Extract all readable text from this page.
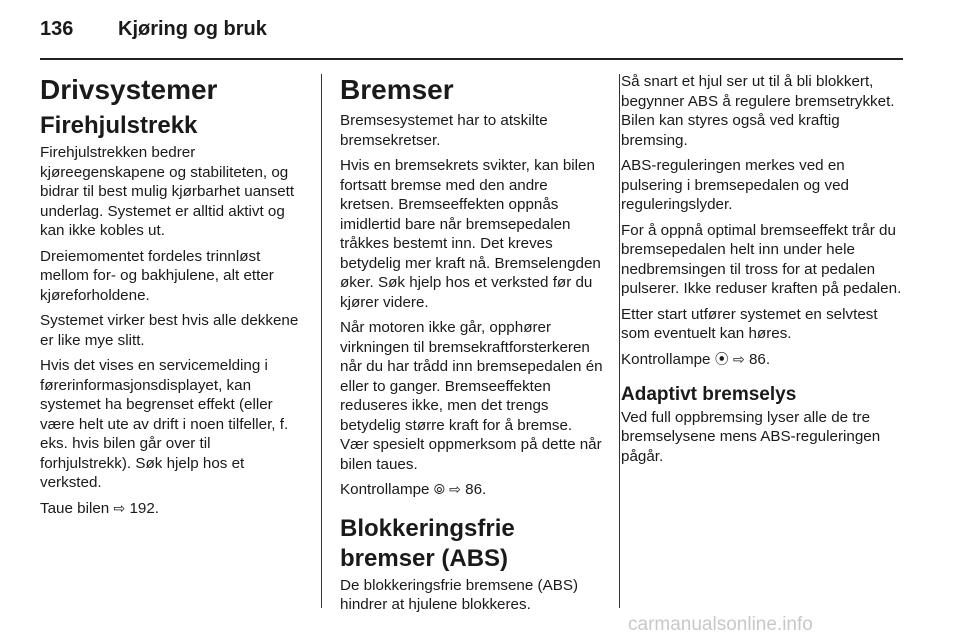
136 Kjøring og bruk
Drivsystemer
Firehjulstrekk

Firehjulstrekken bedrer kjøreegenskapene og stabiliteten, og bidrar til best mulig kjørbarhet uansett underlag. Systemet er alltid aktivt og kan ikke kobles ut.

Dreiemomentet fordeles trinnløst mellom for- og bakhjulene, alt etter kjøreforholdene.

Systemet virker best hvis alle dekkene er like mye slitt.

Hvis det vises en servicemelding i førerinformasjonsdisplayet, kan systemet ha begrenset effekt (eller være helt ute av drift i noen tilfeller, f. eks. hvis bilen går over til forhjulstrekk). Søk hjelp hos et verksted.

Taue bilen ⇨ 192.

Bremser

Bremsesystemet har to atskilte bremsekretser.

Hvis en bremsekrets svikter, kan bilen fortsatt bremse med den andre kretsen. Bremseeffekten oppnås imidlertid bare når bremsepedalen tråkkes bestemt inn. Det kreves betydelig mer kraft nå. Bremselengden øker. Søk hjelp hos et verksted før du kjører videre.

Når motoren ikke går, opphører virkningen til bremsekraftforsterkeren når du har trådd inn bremsepedalen én eller to ganger. Bremseeffekten reduseres ikke, men det trengs betydelig større kraft for å bremse. Vær spesielt oppmerksom på dette når bilen taues.

Kontrollampe ⦾ ⇨ 86.

Blokkeringsfrie bremser (ABS)

De blokkeringsfrie bremsene (ABS) hindrer at hjulene blokkeres.

Så snart et hjul ser ut til å bli blokkert, begynner ABS å regulere bremsetrykket. Bilen kan styres også ved kraftig bremsing.

ABS-reguleringen merkes ved en pulsering i bremsepedalen og ved reguleringslyder.

For å oppnå optimal bremseeffekt trår du bremsepedalen helt inn under hele nedbremsingen til tross for at pedalen pulserer. Ikke reduser kraften på pedalen.

Etter start utfører systemet en selvtest som eventuelt kan høres.

Kontrollampe ⦿ ⇨ 86.

Adaptivt bremselys

Ved full oppbremsing lyser alle de tre bremselysene mens ABS-reguleringen pågår.

carmanualsonline.info
